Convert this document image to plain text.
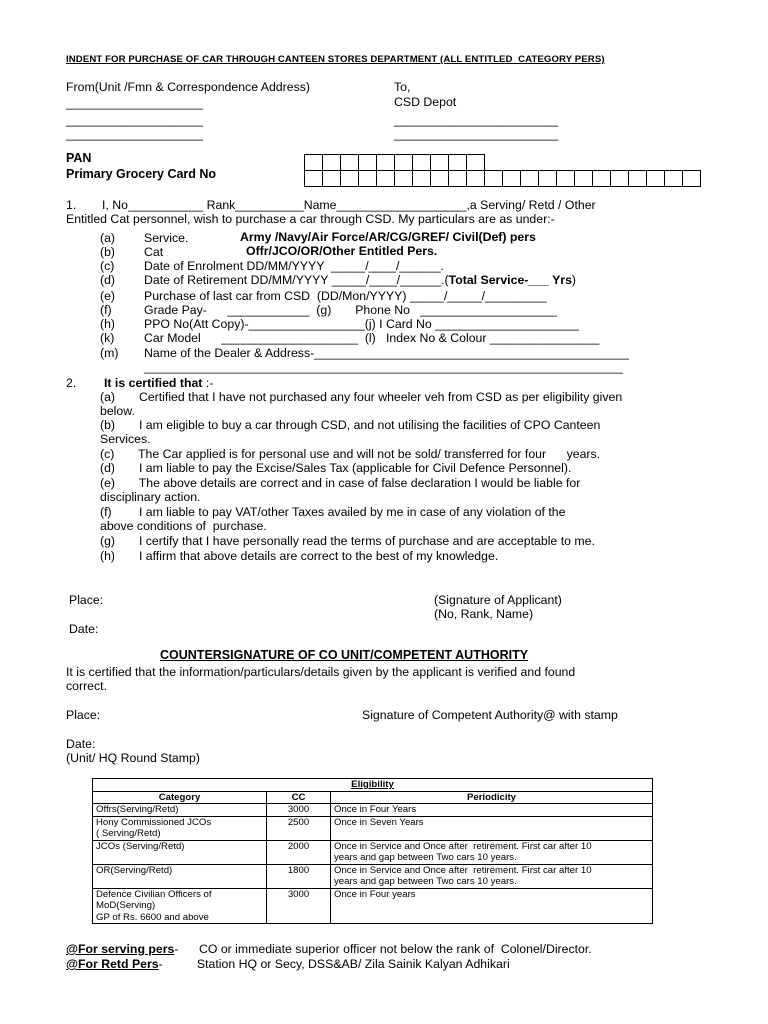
INDENT FOR PURCHASE OF CAR THROUGH CANTEEN STORES DEPARTMENT (ALL ENTITLED  CATEGORY PERS)
From(Unit /Fmn & Correspondence Address)
____________________
____________________
____________________
To,
CSD Depot
________________________
________________________
PAN
Primary Grocery Card No

1. I, No___________ Rank__________Name___________________,a Serving/ Retd / Other
Entitled Cat personnel, wish to purchase a car through CSD. My particulars are as under:-
(a) Service.	Army /Navy/Air Force/AR/CG/GREF/ Civil(Def) pers
(b) Cat	Offr/JCO/OR/Other Entitled Pers.
(c) Date of Enrolment DD/MM/YYYY  _____/____/______.
(d) Date of Retirement DD/MM/YYYY _____/____/______.(Total Service-___ Yrs)
(e) Purchase of last car from CSD  (DD/Mon/YYYY) _____/_____/_________
(f)	Grade Pay-      ____________  (g)       Phone No   ____________________
(h) PPO No(Att Copy)-_________________(j) I Card No _____________________
(k) Car Model      ____________________  (l)   Index No & Colour ________________
(m) Name of the Dealer & Address-______________________________________________
______________________________________________________________________
2. It is certified that :-
(a)       Certified that I have not purchased any four wheeler veh from CSD as per eligibility given
below.
(b)       I am eligible to buy a car through CSD, and not utilising the facilities of CPO Canteen
Services.
(c)       The Car applied is for personal use and will not be sold/ transferred for four      years.
(d)       I am liable to pay the Excise/Sales Tax (applicable for Civil Defence Personnel).
(e)       The above details are correct and in case of false declaration I would be liable for
disciplinary action.
(f)        I am liable to pay VAT/other Taxes availed by me in case of any violation of the
above conditions of  purchase.
(g)       I certify that I have personally read the terms of purchase and are acceptable to me.
(h)       I affirm that above details are correct to the best of my knowledge.
Place:
Date:
(Signature of Applicant)
(No, Rank, Name)
COUNTERSIGNATURE OF CO UNIT/COMPETENT AUTHORITY
It is certified that the information/particulars/details given by the applicant is verified and found
correct.
Place:	Signature of Competent Authority@ with stamp
Date:
(Unit/ HQ Round Stamp)
Eligibility		
Category	CC	Periodicity
Offrs(Serving/Retd)	3000	Once in Four Years
Hony Commissioned JCOs
( Serving/Retd)	2500	Once in Seven Years
JCOs (Serving/Retd)	2000	Once in Service and Once after  retirement. First car after 10
years and gap between Two cars 10 years.
OR(Serving/Retd)	1800	Once in Service and Once after  retirement. First car after 10
years and gap between Two cars 10 years.
Defence Civilian Officers of
MoD(Serving)
GP of Rs. 6600 and above	3000	Once in Four years
@For serving pers-      CO or immediate superior officer not below the rank of  Colonel/Director.
@For Retd Pers-          Station HQ or Secy, DSS&AB/ Zila Sainik Kalyan Adhikari
